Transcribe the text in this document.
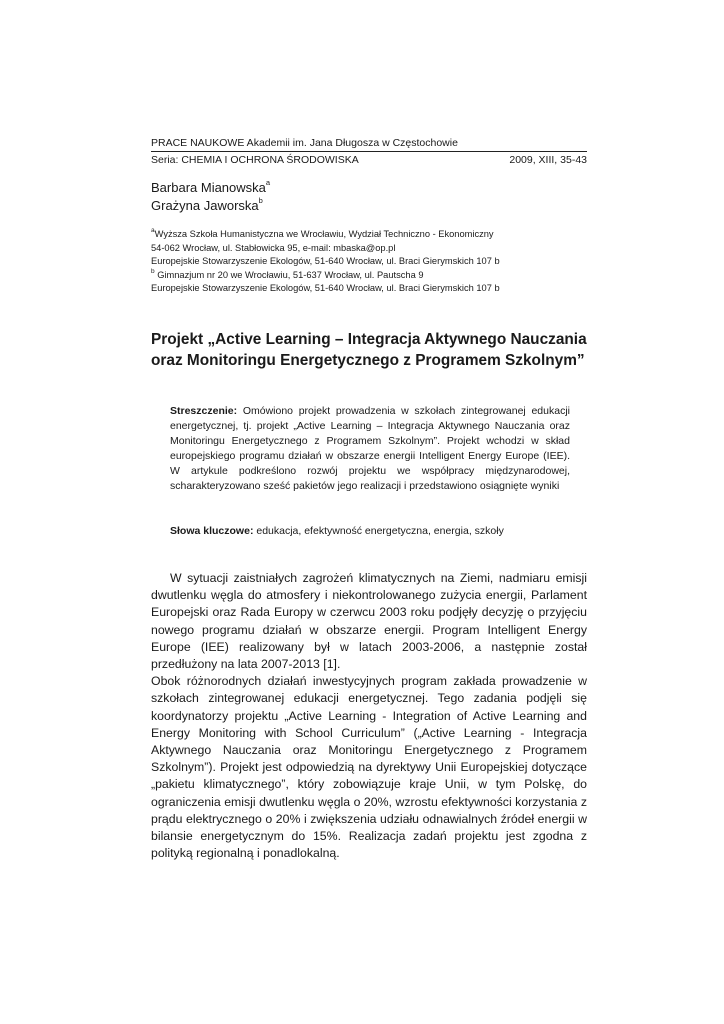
PRACE NAUKOWE Akademii im. Jana Długosza w Częstochowie
Seria: CHEMIA I OCHRONA ŚRODOWISKA	2009, XIII, 35-43
Barbara Mianowska$^a$
Grażyna Jaworska$^b$
$^a$Wyższa Szkoła Humanistyczna we Wrocławiu, Wydział Techniczno - Ekonomiczny
54-062 Wrocław, ul. Stabłowicka 95, e-mail: mbaska@op.pl
Europejskie Stowarzyszenie Ekologów, 51-640 Wrocław, ul. Braci Gierymskich 107 b
$^b$ Gimnazjum nr 20 we Wrocławiu, 51-637 Wrocław, ul. Pautscha 9
Europejskie Stowarzyszenie Ekologów, 51-640 Wrocław, ul. Braci Gierymskich 107 b
Projekt „Active Learning – Integracja Aktywnego Nauczania oraz Monitoringu Energetycznego z Programem Szkolnym”
Streszczenie: Omówiono projekt prowadzenia w szkołach zintegrowanej edukacji energetycznej, tj. projekt „Active Learning – Integracja Aktywnego Nauczania oraz Monitoringu Energetycznego z Programem Szkolnym”. Projekt wchodzi w skład europejskiego programu działań w obszarze energii Intelligent Energy Europe (IEE). W artykule podkreślono rozwój projektu we współpracy międzynarodowej, scharakteryzowano sześć pakietów jego realizacji i przedstawiono osiągnięte wyniki
Słowa kluczowe: edukacja, efektywność energetyczna, energia, szkoły

W sytuacji zaistniałych zagrożeń klimatycznych na Ziemi, nadmiaru emisji dwutlenku węgla do atmosfery i niekontrolowanego zużycia energii, Parlament Europejski oraz Rada Europy w czerwcu 2003 roku podjęły decyzję o przyjęciu nowego programu działań w obszarze energii. Program Intelligent Energy Europe (IEE) realizowany był w latach 2003-2006, a następnie został przedłużony na lata 2007-2013 [1].

Obok różnorodnych działań inwestycyjnych program zakłada prowadzenie w szkołach zintegrowanej edukacji energetycznej. Tego zadania podjęli się koordynatorzy projektu „Active Learning - Integration of Active Learning and Energy Monitoring with School Curriculum” („Active Learning - Integracja Aktywnego Nauczania oraz Monitoringu Energetycznego z Programem Szkolnym”). Projekt jest odpowiedzią na dyrektywy Unii Europejskiej dotyczące „pakietu klimatycznego”, który zobowiązuje kraje Unii, w tym Polskę, do ograniczenia emisji dwutlenku węgla o 20%, wzrostu efektywności korzystania z prądu elektrycznego o 20% i zwiększenia udziału odnawialnych źródeł energii w bilansie energetycznym do 15%. Realizacja zadań projektu jest zgodna z polityką regionalną i ponadlokalną.
